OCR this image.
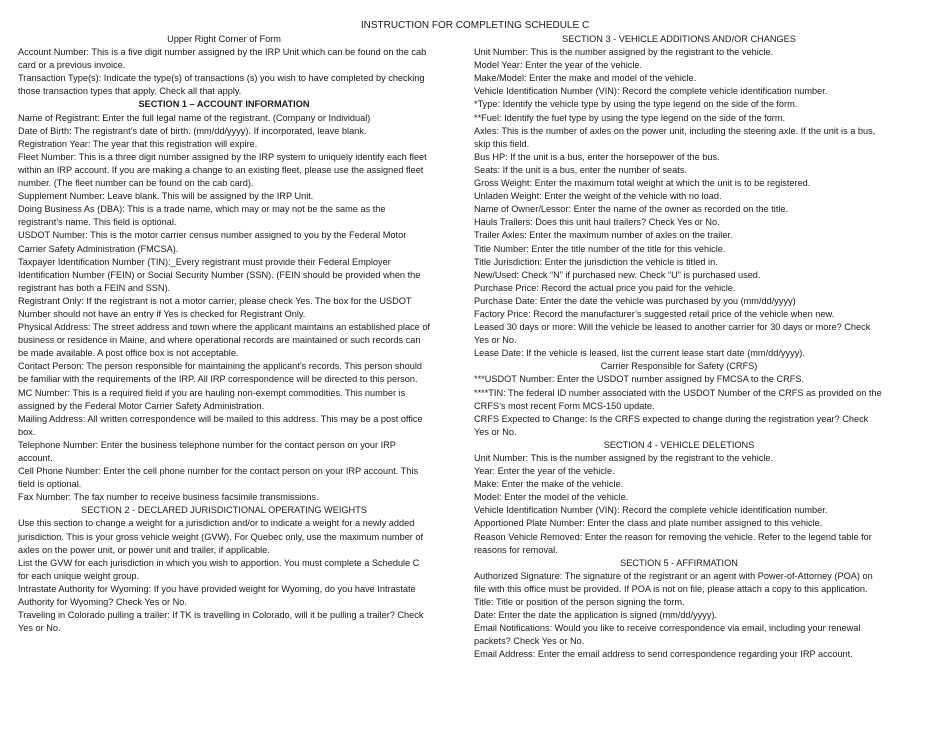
INSTRUCTION FOR COMPLETING SCHEDULE C

Upper Right Corner of Form

Account Number: This is a five digit number assigned by the IRP Unit which can be found on the cab card or a previous invoice.

Transaction Type(s): Indicate the type(s) of transactions (s) you wish to have completed by checking those transaction types that apply. Check all that apply.

SECTION 1 – ACCOUNT INFORMATION

Name of Registrant: Enter the full legal name of the registrant. (Company or Individual)

Date of Birth: The registrant’s date of birth. (mm/dd/yyyy). If incorporated, leave blank.

Registration Year: The year that this registration will expire.

Fleet Number: This is a three digit number assigned by the IRP system to uniquely identify each fleet within an IRP account. If you are making a change to an existing fleet, please use the assigned fleet number. (The fleet number can be found on the cab card).

Supplement Number: Leave blank. This will be assigned by the IRP Unit.

Doing Business As (DBA): This is a trade name, which may or may not be the same as the registrant’s name. This field is optional.

USDOT Number: This is the motor carrier census number assigned to you by the Federal Motor Carrier Safety Administration (FMCSA).

Taxpayer Identification Number (TIN):_Every registrant must provide their Federal Employer Identification Number (FEIN) or Social Security Number (SSN). (FEIN should be provided when the registrant has both a FEIN and SSN).

Registrant Only: If the registrant is not a motor carrier, please check Yes. The box for the USDOT Number should not have an entry if Yes is checked for Registrant Only.

Physical Address: The street address and town where the applicant maintains an established place of business or residence in Maine, and where operational records are maintained or such records can be made available. A post office box is not acceptable.

Contact Person: The person responsible for maintaining the applicant’s records. This person should be familiar with the requirements of the IRP. All IRP correspondence will be directed to this person.

MC Number: This is a required field if you are hauling non-exempt commodities. This number is assigned by the Federal Motor Carrier Safety Administration.

Mailing Address: All written correspondence will be mailed to this address. This may be a post office box.

Telephone Number: Enter the business telephone number for the contact person on your IRP account.

Cell Phone Number: Enter the cell phone number for the contact person on your IRP account. This field is optional.

Fax Number: The fax number to receive business facsimile transmissions.

SECTION 2 - DECLARED JURISDICTIONAL OPERATING WEIGHTS

Use this section to change a weight for a jurisdiction and/or to indicate a weight for a newly added jurisdiction. This is your gross vehicle weight (GVW). For Quebec only, use the maximum number of axles on the power unit, or power unit and trailer, if applicable.

List the GVW for each jurisdiction in which you wish to apportion. You must complete a Schedule C for each unique weight group.

Intrastate Authority for Wyoming: If you have provided weight for Wyoming, do you have Intrastate Authority for Wyoming? Check Yes or No.

Traveling in Colorado pulling a trailer: If TK is travelling in Colorado, will it be pulling a trailer? Check Yes or No.

SECTION 3 - VEHICLE ADDITIONS AND/OR CHANGES

Unit Number: This is the number assigned by the registrant to the vehicle.

Model Year: Enter the year of the vehicle.

Make/Model: Enter the make and model of the vehicle.

Vehicle Identification Number (VIN): Record the complete vehicle identification number.

*Type: Identify the vehicle type by using the type legend on the side of the form.

**Fuel: Identify the fuel type by using the type legend on the side of the form.

Axles: This is the number of axles on the power unit, including the steering axle. If the unit is a bus, skip this field.

Bus HP: If the unit is a bus, enter the horsepower of the bus.

Seats: If the unit is a bus, enter the number of seats.

Gross Weight: Enter the maximum total weight at which the unit is to be registered.

Unladen Weight: Enter the weight of the vehicle with no load.

Name of Owner/Lessor: Enter the name of the owner as recorded on the title.

Hauls Trailers: Does this unit haul trailers? Check Yes or No.

Trailer Axles: Enter the maximum number of axles on the trailer.

Title Number: Enter the title number of the title for this vehicle.

Title Jurisdiction: Enter the jurisdiction the vehicle is titled in.

New/Used: Check “N” if purchased new. Check “U” is purchased used.

Purchase Price: Record the actual price you paid for the vehicle.

Purchase Date: Enter the date the vehicle was purchased by you (mm/dd/yyyy)

Factory Price: Record the manufacturer’s suggested retail price of the vehicle when new.

Leased 30 days or more: Will the vehicle be leased to another carrier for 30 days or more? Check Yes or No.

Lease Date: If the vehicle is leased, list the current lease start date (mm/dd/yyyy).

Carrier Responsible for Safety (CRFS)

***USDOT Number: Enter the USDOT number assigned by FMCSA to the CRFS.

****TIN: The federal ID number associated with the USDOT Number of the CRFS as provided on the CRFS’s most recent Form MCS-150 update.

CRFS Expected to Change: Is the CRFS expected to change during the registration year? Check Yes or No.

SECTION 4 - VEHICLE DELETIONS

Unit Number: This is the number assigned by the registrant to the vehicle.

Year: Enter the year of the vehicle.

Make: Enter the make of the vehicle.

Model: Enter the model of the vehicle.

Vehicle Identification Number (VIN): Record the complete vehicle identification number.

Apportioned Plate Number: Enter the class and plate number assigned to this vehicle.

Reason Vehicle Removed: Enter the reason for removing the vehicle. Refer to the legend table for reasons for removal.

SECTION 5 - AFFIRMATION

Authorized Signature: The signature of the registrant or an agent with Power-of-Attorney (POA) on file with this office must be provided. If POA is not on file, please attach a copy to this application.

Title: Title or position of the person signing the form.

Date: Enter the date the application is signed (mm/dd/yyyy).

Email Notifications: Would you like to receive correspondence via email, including your renewal packets? Check Yes or No.

Email Address: Enter the email address to send correspondence regarding your IRP account.
